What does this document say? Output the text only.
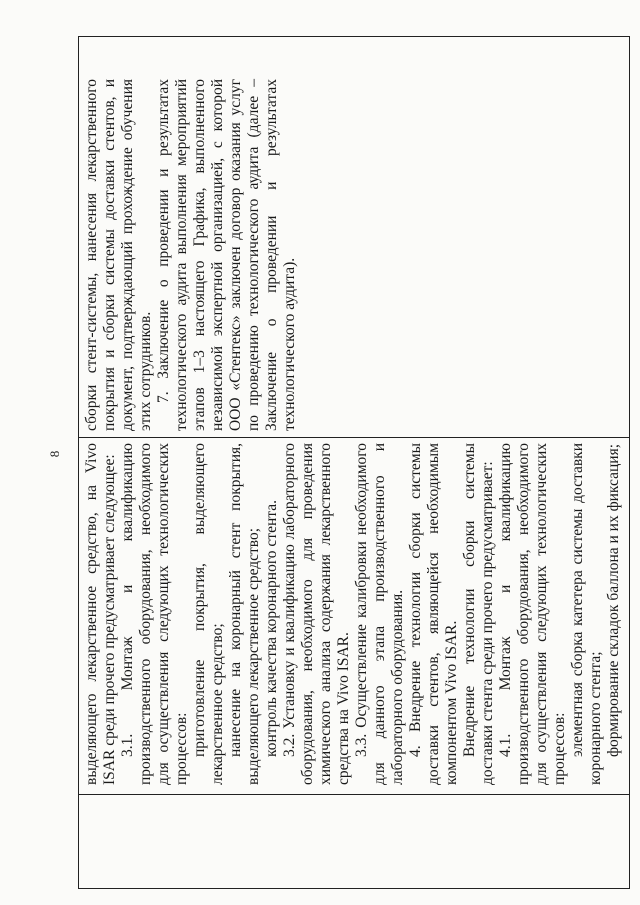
8
сборки стент-системы, нанесения лекарственного покрытия и сборки системы доставки стентов, и документ, подтверждающий прохождение обучения этих сотрудников. 7. Заключение о проведении и результатах технологического аудита выполнения мероприятий этапов 1–3 настоящего Графика, выполненного независимой экспертной организацией, с которой ООО «Стентекс» заключен договор оказания услуг по проведению технологического аудита (далее – Заключение о проведении и результатах технологического аудита).
выделяющего лекарственное средство, на Vivo ISAR среди прочего предусматривает следующее: 3.1. Монтаж и квалификацию производственного оборудования, необходимого для осуществления следующих технологических процессов: приготовление покрытия, выделяющего лекарственное средство; нанесение на коронарный стент покрытия, выделяющего лекарственное средство; контроль качества коронарного стента. 3.2. Установку и квалификацию лабораторного оборудования, необходимого для проведения химического анализа содержания лекарственного средства на Vivo ISAR. 3.3. Осуществление калибровки необходимого для данного этапа производственного и лабораторного оборудования. 4. Внедрение технологии сборки системы доставки стентов, являющейся необходимым компонентом Vivo ISAR. Внедрение технологии сборки системы доставки стента среди прочего предусматривает: 4.1. Монтаж и квалификацию производственного оборудования, необходимого для осуществления следующих технологических процессов: элементная сборка катетера системы доставки коронарного стента; формирование складок баллона и их фиксация;
